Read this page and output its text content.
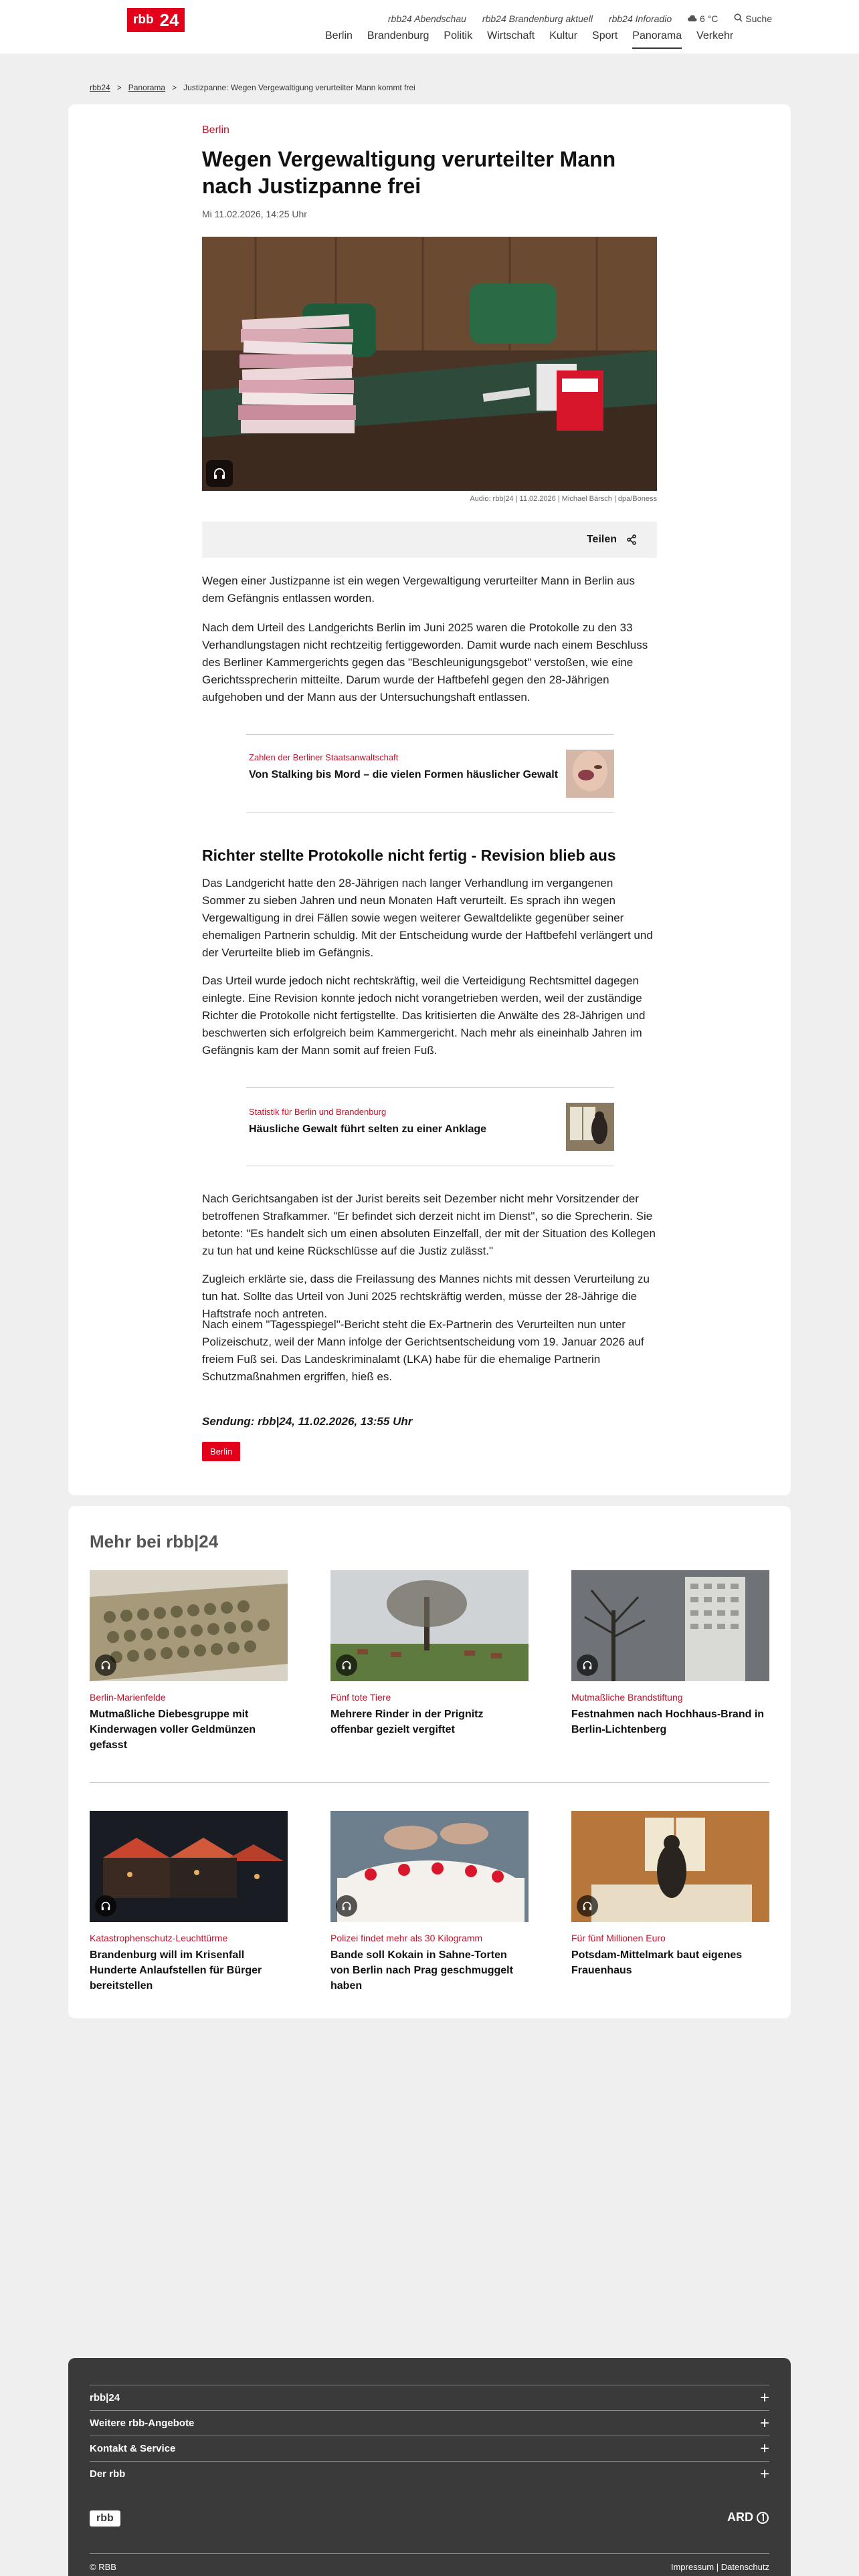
rbb 24	rbb24 Abendschau rbb24 Brandenburg aktuell rbb24 Inforadio	6 °C	Suche
Berlin Brandenburg Politik Wirtschaft Kultur Sport Panorama Verkehr
rbb24 > Panorama > Justizpanne: Wegen Vergewaltigung verurteilter Mann kommt frei
Berlin
Wegen Vergewaltigung verurteilter Mann nach Justizpanne frei
Mi 11.02.2026, 14:25 Uhr
Audio: rbb|24 | 11.02.2026 | Michael Bärsch | dpa/Boness
Teilen
Wegen einer Justizpanne ist ein wegen Vergewaltigung verurteilter Mann in Berlin aus dem Gefängnis entlassen worden.
Nach dem Urteil des Landgerichts Berlin im Juni 2025 waren die Protokolle zu den 33 Verhandlungstagen nicht rechtzeitig fertiggeworden. Damit wurde nach einem Beschluss des Berliner Kammergerichts gegen das "Beschleunigungsgebot" verstoßen, wie eine Gerichtssprecherin mitteilte. Darum wurde der Haftbefehl gegen den 28-Jährigen aufgehoben und der Mann aus der Untersuchungshaft entlassen.
Zahlen der Berliner Staatsanwaltschaft
Von Stalking bis Mord – die vielen Formen häuslicher Gewalt
Richter stellte Protokolle nicht fertig - Revision blieb aus
Das Landgericht hatte den 28-Jährigen nach langer Verhandlung im vergangenen Sommer zu sieben Jahren und neun Monaten Haft verurteilt. Es sprach ihn wegen Vergewaltigung in drei Fällen sowie wegen weiterer Gewaltdelikte gegenüber seiner ehemaligen Partnerin schuldig. Mit der Entscheidung wurde der Haftbefehl verlängert und der Verurteilte blieb im Gefängnis.
Das Urteil wurde jedoch nicht rechtskräftig, weil die Verteidigung Rechtsmittel dagegen einlegte. Eine Revision konnte jedoch nicht vorangetrieben werden, weil der zuständige Richter die Protokolle nicht fertigstellte. Das kritisierten die Anwälte des 28-Jährigen und beschwerten sich erfolgreich beim Kammergericht. Nach mehr als eineinhalb Jahren im Gefängnis kam der Mann somit auf freien Fuß.
Statistik für Berlin und Brandenburg
Häusliche Gewalt führt selten zu einer Anklage
Nach Gerichtsangaben ist der Jurist bereits seit Dezember nicht mehr Vorsitzender der betroffenen Strafkammer. "Er befindet sich derzeit nicht im Dienst", so die Sprecherin. Sie betonte: "Es handelt sich um einen absoluten Einzelfall, der mit der Situation des Kollegen zu tun hat und keine Rückschlüsse auf die Justiz zulässt."
Zugleich erklärte sie, dass die Freilassung des Mannes nichts mit dessen Verurteilung zu tun hat. Sollte das Urteil von Juni 2025 rechtskräftig werden, müsse der 28-Jährige die Haftstrafe noch antreten.
Nach einem "Tagesspiegel"-Bericht steht die Ex-Partnerin des Verurteilten nun unter Polizeischutz, weil der Mann infolge der Gerichtsentscheidung vom 19. Januar 2026 auf freiem Fuß sei. Das Landeskriminalamt (LKA) habe für die ehemalige Partnerin Schutzmaßnahmen ergriffen, hieß es.
Sendung: rbb|24, 11.02.2026, 13:55 Uhr
Berlin
Mehr bei rbb|24
Berlin-Marienfelde
Mutmaßliche Diebesgruppe mit Kinderwagen voller Geldmünzen gefasst
Fünf tote Tiere
Mehrere Rinder in der Prignitz offenbar gezielt vergiftet
Mutmaßliche Brandstiftung
Festnahmen nach Hochhaus-Brand in Berlin-Lichtenberg
Katastrophenschutz-Leuchttürme
Brandenburg will im Krisenfall Hunderte Anlaufstellen für Bürger bereitstellen
Polizei findet mehr als 30 Kilogramm
Bande soll Kokain in Sahne-Torten von Berlin nach Prag geschmuggelt haben
Für fünf Millionen Euro
Potsdam-Mittelmark baut eigenes Frauenhaus
rbb|24	+
Weitere rbb-Angebote	+
Kontakt & Service	+
Der rbb	+
rbb	ARD
© RBB	Impressum | Datenschutz
